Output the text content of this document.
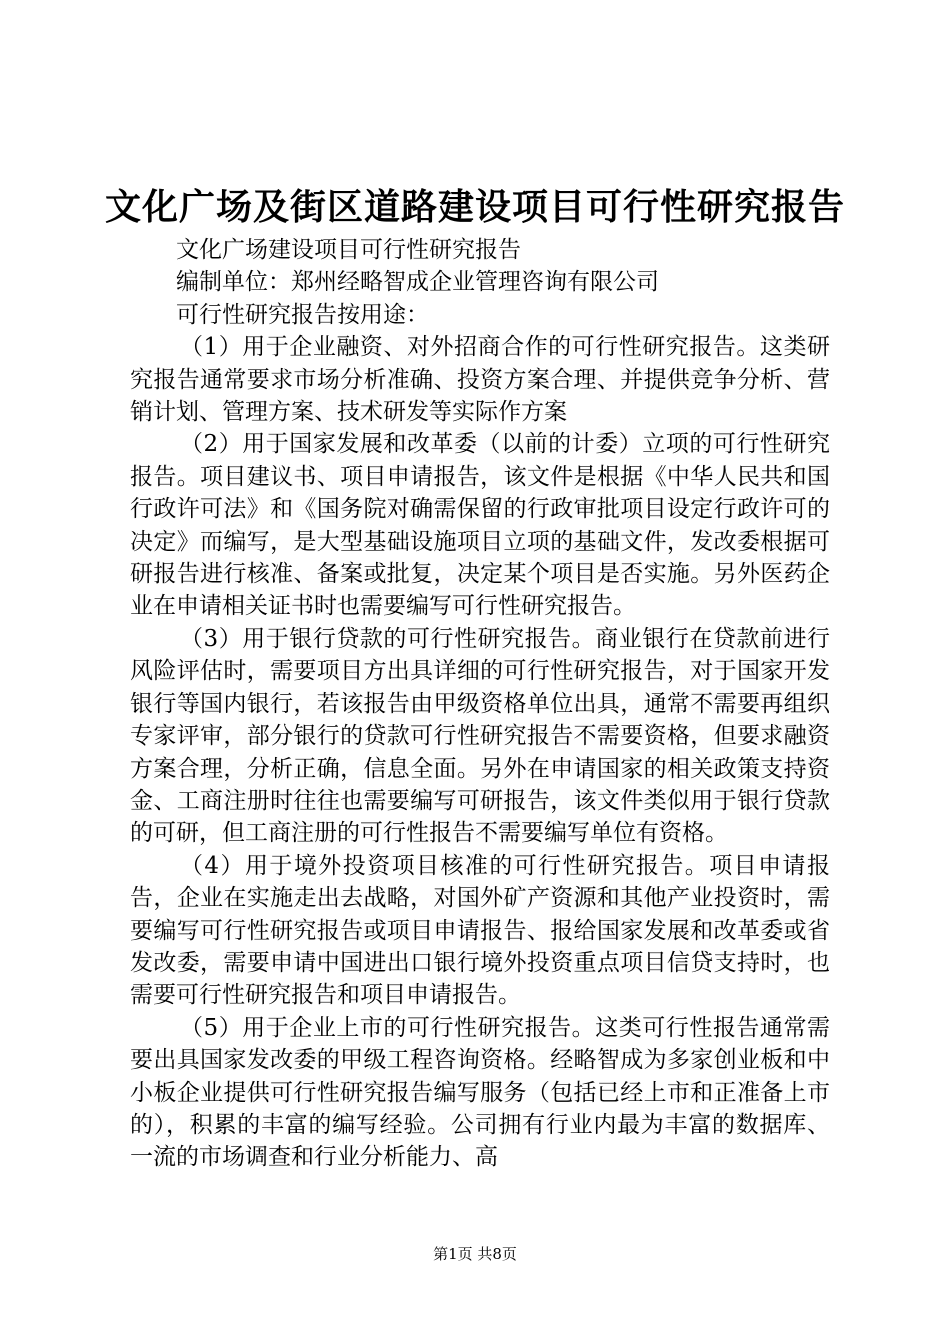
文化广场及街区道路建设项目可行性研究报告

文化广场建设项目可行性研究报告

编制单位：郑州经略智成企业管理咨询有限公司

可行性研究报告按用途：

（1）用于企业融资、对外招商合作的可行性研究报告。这类研究报告通常要求市场分析准确、投资方案合理、并提供竞争分析、营销计划、管理方案、技术研发等实际作方案

（2）用于国家发展和改革委（以前的计委）立项的可行性研究报告。项目建议书、项目申请报告，该文件是根据《中华人民共和国行政许可法》和《国务院对确需保留的行政审批项目设定行政许可的决定》而编写，是大型基础设施项目立项的基础文件，发改委根据可研报告进行核准、备案或批复，决定某个项目是否实施。另外医药企业在申请相关证书时也需要编写可行性研究报告。

（3）用于银行贷款的可行性研究报告。商业银行在贷款前进行风险评估时，需要项目方出具详细的可行性研究报告，对于国家开发银行等国内银行，若该报告由甲级资格单位出具，通常不需要再组织专家评审，部分银行的贷款可行性研究报告不需要资格，但要求融资方案合理，分析正确，信息全面。另外在申请国家的相关政策支持资金、工商注册时往往也需要编写可研报告，该文件类似用于银行贷款的可研，但工商注册的可行性报告不需要编写单位有资格。

（4）用于境外投资项目核准的可行性研究报告。项目申请报告，企业在实施走出去战略，对国外矿产资源和其他产业投资时，需要编写可行性研究报告或项目申请报告、报给国家发展和改革委或省发改委，需要申请中国进出口银行境外投资重点项目信贷支持时，也需要可行性研究报告和项目申请报告。

（5）用于企业上市的可行性研究报告。这类可行性报告通常需要出具国家发改委的甲级工程咨询资格。经略智成为多家创业板和中小板企业提供可行性研究报告编写服务（包括已经上市和正准备上市的），积累的丰富的编写经验。公司拥有行业内最为丰富的数据库、一流的市场调查和行业分析能力、高

第1页 共8页
